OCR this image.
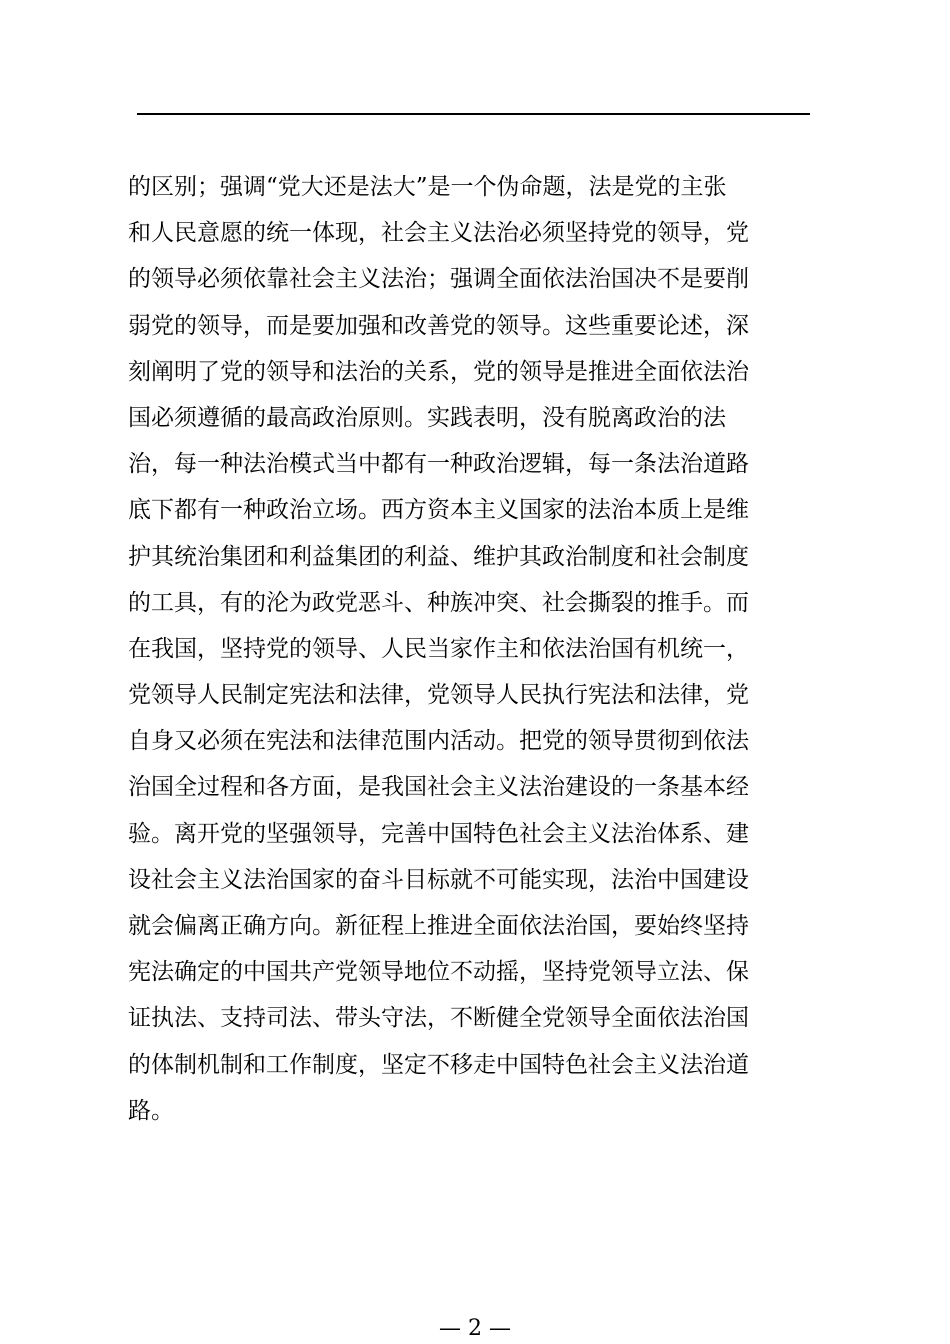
的区别；强调“党大还是法大”是一个伪命题，法是党的主张
和人民意愿的统一体现，社会主义法治必须坚持党的领导，党
的领导必须依靠社会主义法治；强调全面依法治国决不是要削
弱党的领导，而是要加强和改善党的领导。这些重要论述，深
刻阐明了党的领导和法治的关系，党的领导是推进全面依法治
国必须遵循的最高政治原则。实践表明，没有脱离政治的法
治，每一种法治模式当中都有一种政治逻辑，每一条法治道路
底下都有一种政治立场。西方资本主义国家的法治本质上是维
护其统治集团和利益集团的利益、维护其政治制度和社会制度
的工具，有的沦为政党恶斗、种族冲突、社会撕裂的推手。而
在我国，坚持党的领导、人民当家作主和依法治国有机统一，
党领导人民制定宪法和法律，党领导人民执行宪法和法律，党
自身又必须在宪法和法律范围内活动。把党的领导贯彻到依法
治国全过程和各方面，是我国社会主义法治建设的一条基本经
验。离开党的坚强领导，完善中国特色社会主义法治体系、建
设社会主义法治国家的奋斗目标就不可能实现，法治中国建设
就会偏离正确方向。新征程上推进全面依法治国，要始终坚持
宪法确定的中国共产党领导地位不动摇，坚持党领导立法、保
证执法、支持司法、带头守法，不断健全党领导全面依法治国
的体制机制和工作制度，坚定不移走中国特色社会主义法治道
路。
— 2 —
